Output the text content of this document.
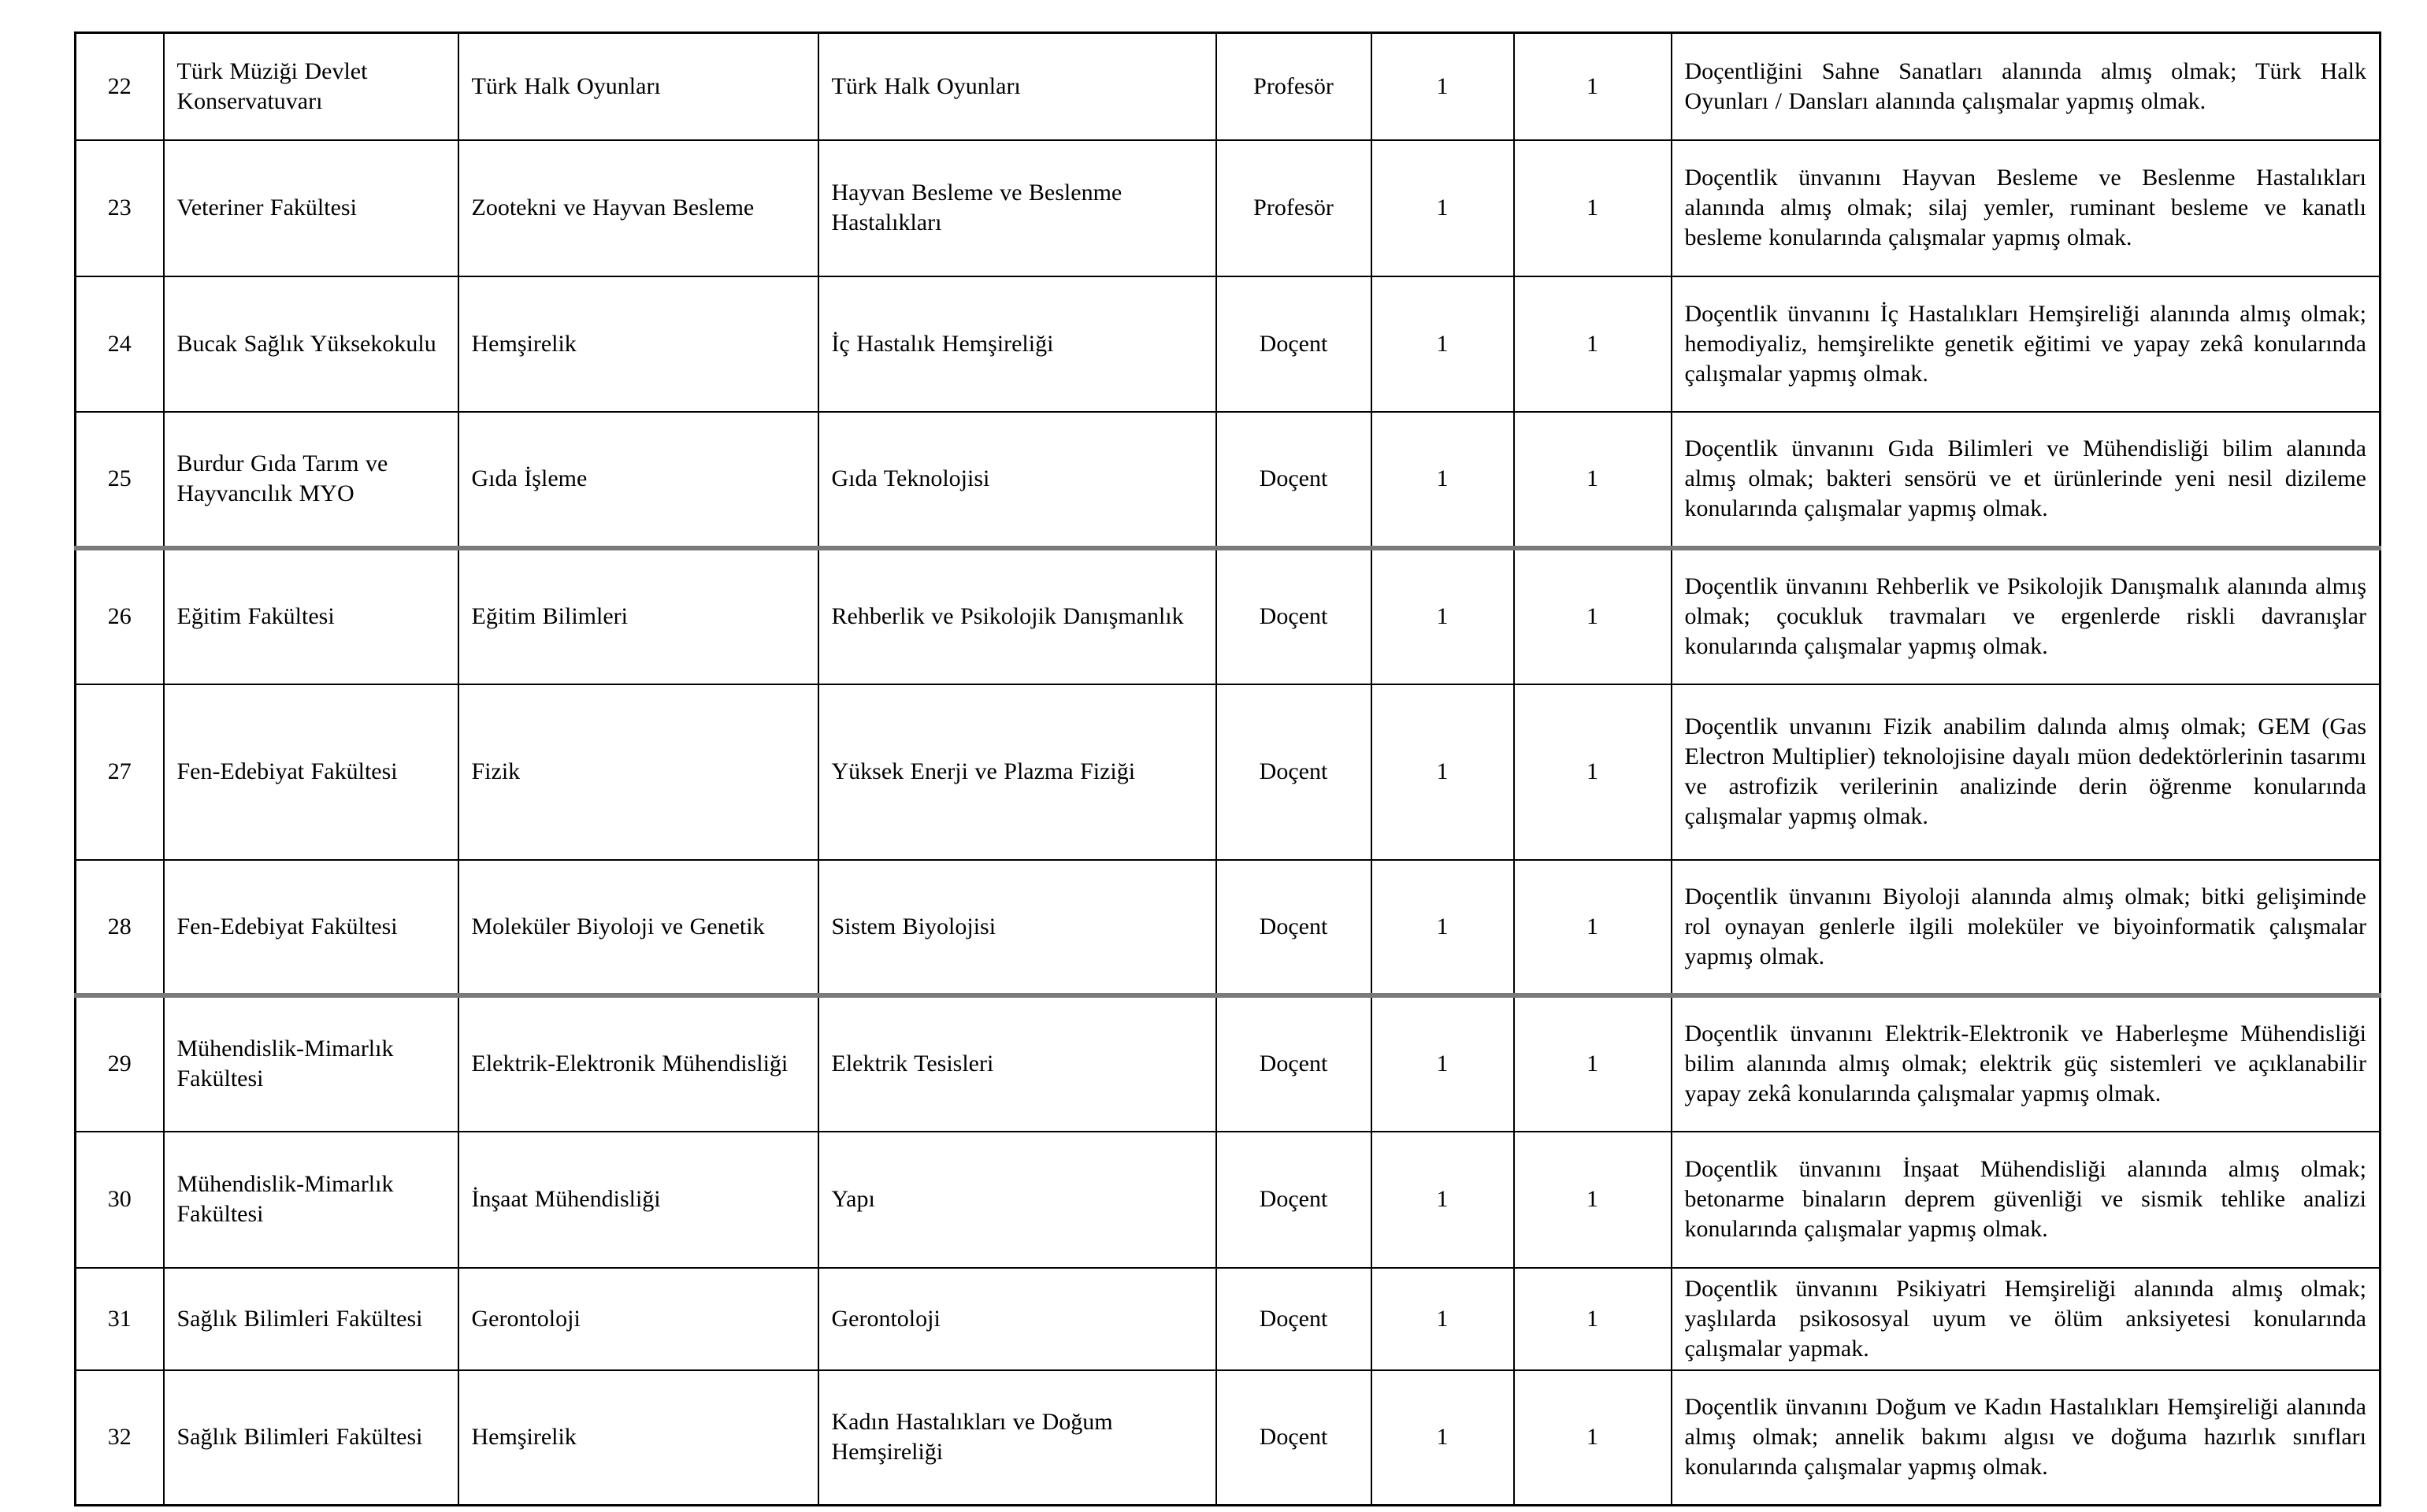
22	Türk Müziği Devlet Konservatuvarı	Türk Halk Oyunları	Türk Halk Oyunları	Profesör	1	1	Doçentliğini Sahne Sanatları alanında almış olmak; Türk Halk Oyunları / Dansları alanında çalışmalar yapmış olmak.
23	Veteriner Fakültesi	Zootekni ve Hayvan Besleme	Hayvan Besleme ve Beslenme Hastalıkları	Profesör	1	1	Doçentlik ünvanını Hayvan Besleme ve Beslenme Hastalıkları alanında almış olmak; silaj yemler, ruminant besleme ve kanatlı besleme konularında çalışmalar yapmış olmak.
24	Bucak Sağlık Yüksekokulu	Hemşirelik	İç Hastalık Hemşireliği	Doçent	1	1	Doçentlik ünvanını İç Hastalıkları Hemşireliği alanında almış olmak; hemodiyaliz, hemşirelikte genetik eğitimi ve yapay zekâ konularında çalışmalar yapmış olmak.
25	Burdur Gıda Tarım ve Hayvancılık MYO	Gıda İşleme	Gıda Teknolojisi	Doçent	1	1	Doçentlik ünvanını Gıda Bilimleri ve Mühendisliği bilim alanında almış olmak; bakteri sensörü ve et ürünlerinde yeni nesil dizileme konularında çalışmalar yapmış olmak.
26	Eğitim Fakültesi	Eğitim Bilimleri	Rehberlik ve Psikolojik Danışmanlık	Doçent	1	1	Doçentlik ünvanını Rehberlik ve Psikolojik Danışmalık alanında almış olmak; çocukluk travmaları ve ergenlerde riskli davranışlar konularında çalışmalar yapmış olmak.
27	Fen-Edebiyat Fakültesi	Fizik	Yüksek Enerji ve Plazma Fiziği	Doçent	1	1	Doçentlik unvanını Fizik anabilim dalında almış olmak; GEM (Gas Electron Multiplier) teknolojisine dayalı müon dedektörlerinin tasarımı ve astrofizik verilerinin analizinde derin öğrenme konularında çalışmalar yapmış olmak.
28	Fen-Edebiyat Fakültesi	Moleküler Biyoloji ve Genetik	Sistem Biyolojisi	Doçent	1	1	Doçentlik ünvanını Biyoloji alanında almış olmak; bitki gelişiminde rol oynayan genlerle ilgili moleküler ve biyoinformatik çalışmalar yapmış olmak.
29	Mühendislik-Mimarlık Fakültesi	Elektrik-Elektronik Mühendisliği	Elektrik Tesisleri	Doçent	1	1	Doçentlik ünvanını Elektrik-Elektronik ve Haberleşme Mühendisliği bilim alanında almış olmak; elektrik güç sistemleri ve açıklanabilir yapay zekâ konularında çalışmalar yapmış olmak.
30	Mühendislik-Mimarlık Fakültesi	İnşaat Mühendisliği	Yapı	Doçent	1	1	Doçentlik ünvanını İnşaat Mühendisliği alanında almış olmak; betonarme binaların deprem güvenliği ve sismik tehlike analizi konularında çalışmalar yapmış olmak.
31	Sağlık Bilimleri Fakültesi	Gerontoloji	Gerontoloji	Doçent	1	1	Doçentlik ünvanını Psikiyatri Hemşireliği alanında almış olmak; yaşlılarda psikososyal uyum ve ölüm anksiyetesi konularında çalışmalar yapmak.
32	Sağlık Bilimleri Fakültesi	Hemşirelik	Kadın Hastalıkları ve Doğum Hemşireliği	Doçent	1	1	Doçentlik ünvanını Doğum ve Kadın Hastalıkları Hemşireliği alanında almış olmak; annelik bakımı algısı ve doğuma hazırlık sınıfları konularında çalışmalar yapmış olmak.
